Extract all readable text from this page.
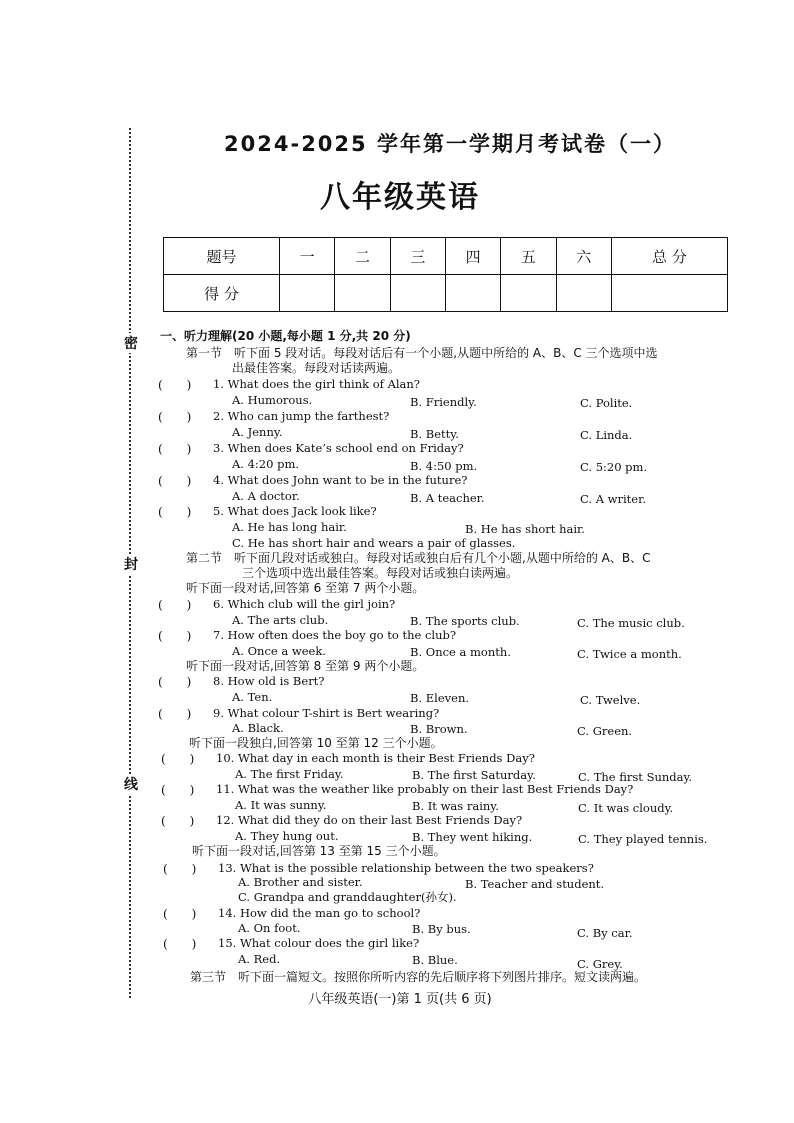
密
封
线
2024-2025 学年第一学期月考试卷（一）
八年级英语
题号	一	二	三	四	五	六	总 分
得 分							
一、听力理解(20 小题,每小题 1 分,共 20 分)
第一节　听下面 5 段对话。每段对话后有一个小题,从题中所给的 A、B、C 三个选项中选
出最佳答案。每段对话读两遍。
(　　) 1. What does the girl think of Alan?
A. Humorous.	B. Friendly.	C. Polite.
(　　) 2. Who can jump the farthest?
A. Jenny.	B. Betty.	C. Linda.
(　　) 3. When does Kate’s school end on Friday?
A. 4:20 pm.	B. 4:50 pm.	C. 5:20 pm.
(　　) 4. What does John want to be in the future?
A. A doctor.	B. A teacher.	C. A writer.
(　　) 5. What does Jack look like?
A. He has long hair.	B. He has short hair.
C. He has short hair and wears a pair of glasses.
第二节　听下面几段对话或独白。每段对话或独白后有几个小题,从题中所给的 A、B、C
三个选项中选出最佳答案。每段对话或独白读两遍。
听下面一段对话,回答第 6 至第 7 两个小题。
(　　) 6. Which club will the girl join?
A. The arts club.	B. The sports club.	C. The music club.
(　　) 7. How often does the boy go to the club?
A. Once a week.	B. Once a month.	C. Twice a month.
听下面一段对话,回答第 8 至第 9 两个小题。
(　　) 8. How old is Bert?
A. Ten.	B. Eleven.	C. Twelve.
(　　) 9. What colour T-shirt is Bert wearing?
A. Black.	B. Brown.	C. Green.
听下面一段独白,回答第 10 至第 12 三个小题。
(　　) 10. What day in each month is their Best Friends Day?
A. The first Friday.	B. The first Saturday.	C. The first Sunday.
(　　) 11. What was the weather like probably on their last Best Friends Day?
A. It was sunny.	B. It was rainy.	C. It was cloudy.
(　　) 12. What did they do on their last Best Friends Day?
A. They hung out.	B. They went hiking.	C. They played tennis.
听下面一段对话,回答第 13 至第 15 三个小题。
(　　) 13. What is the possible relationship between the two speakers?
A. Brother and sister.	B. Teacher and student.
C. Grandpa and granddaughter(孙女).
(　　) 14. How did the man go to school?
A. On foot.	B. By bus.	C. By car.
(　　) 15. What colour does the girl like?
A. Red.	B. Blue.	C. Grey.
第三节　听下面一篇短文。按照你所听内容的先后顺序将下列图片排序。短文读两遍。
八年级英语(一)第 1 页(共 6 页)
